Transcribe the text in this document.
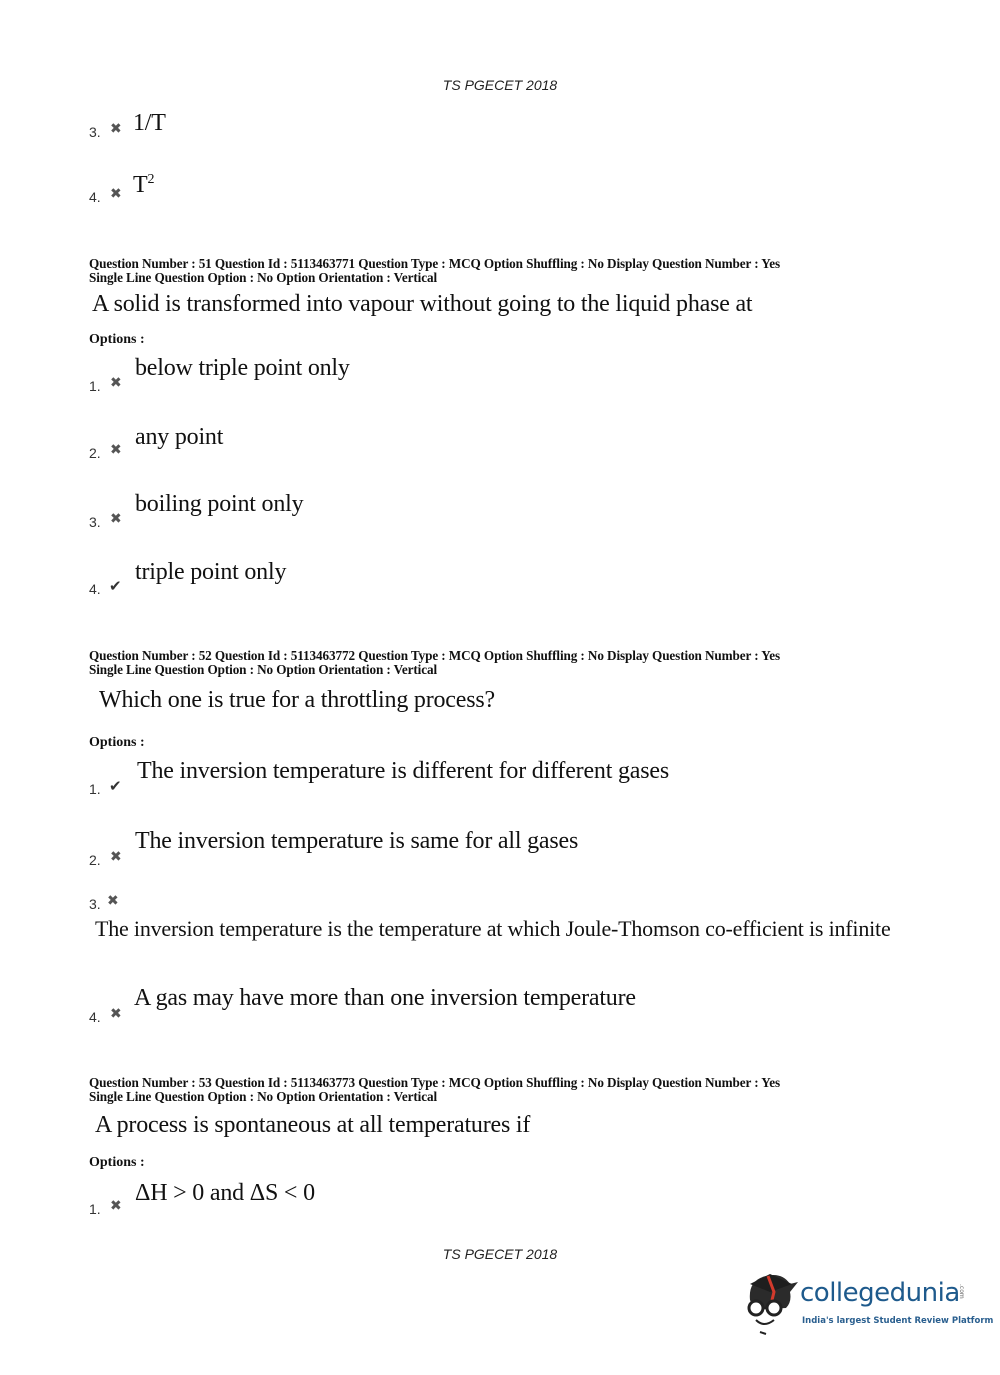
TS PGECET 2018
3. ✖ 1/T
4. ✖ $T^2$
Question Number : 51 Question Id : 5113463771 Question Type : MCQ Option Shuffling : No Display Question Number : Yes
Single Line Question Option : No Option Orientation : Vertical
A solid is transformed into vapour without going to the liquid phase at
Options :
1. ✖
below triple point only
2. ✖ any point
3. ✖
boiling point only
4. ✔
triple point only
Question Number : 52 Question Id : 5113463772 Question Type : MCQ Option Shuffling : No Display Question Number : Yes
Single Line Question Option : No Option Orientation : Vertical
Which one is true for a throttling process?
Options :
1. ✔
The inversion temperature is different for different gases
2. ✖
The inversion temperature is same for all gases
3. ✖
The inversion temperature is the temperature at which Joule-Thomson co-efficient is infinite
4. ✖
A gas may have more than one inversion temperature
Question Number : 53 Question Id : 5113463773 Question Type : MCQ Option Shuffling : No Display Question Number : Yes
Single Line Question Option : No Option Orientation : Vertical
A process is spontaneous at all temperatures if
Options :
1. ✖ ΔH > 0 and ΔS < 0
TS PGECET 2018
collegedunia
.com
India's largest Student Review Platform
